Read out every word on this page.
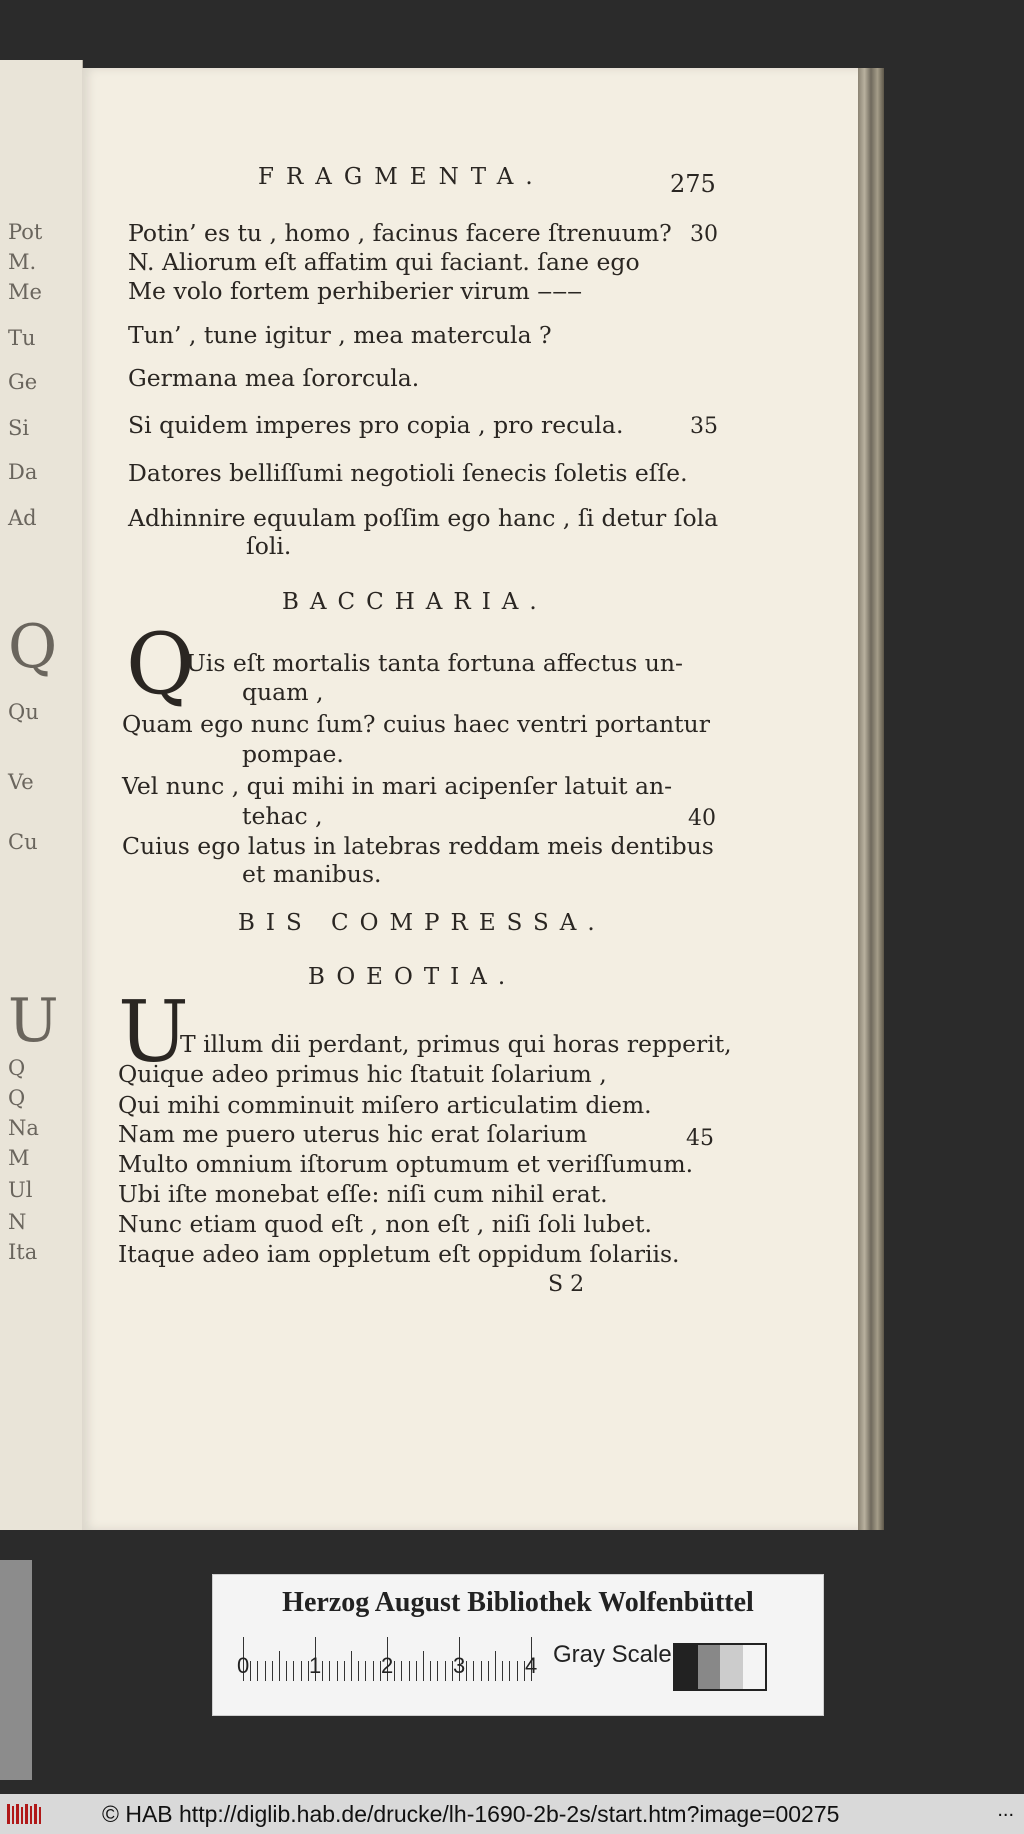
FRAGMENTA.	275
Potin’ es tu , homo , facinus facere ſtrenuum? 30
N. Aliorum eſt affatim qui faciant. ſane ego
Me volo fortem perhiberier virum ‒‒‒
Tun’ , tune igitur , mea matercula ?
Germana mea ſororcula.
Si quidem imperes pro copia , pro recula.	35
Datores belliſſumi negotioli ſenecis ſoletis eſſe.
Adhinnire equulam poſſim ego hanc , ſi detur ſola
ſoli.
BACCHARIA.
Q
Uis eſt mortalis tanta fortuna affectus un-
quam ,
Quam ego nunc ſum? cuius haec ventri portantur
pompae.
Vel nunc , qui mihi in mari acipenſer latuit an-
tehac ,	40
Cuius ego latus in latebras reddam meis dentibus
et manibus.
BIS COMPRESSA.
BOEOTIA.
U
T illum dii perdant, primus qui horas repperit,
Quique adeo primus hic ſtatuit ſolarium ,
Qui mihi comminuit miſero articulatim diem.
Nam me puero uterus hic erat ſolarium	45
Multo omnium iſtorum optumum et veriſſumum.
Ubi iſte monebat eſſe: niſi cum nihil erat.
Nunc etiam quod eſt , non eſt , niſi ſoli lubet.
Itaque adeo iam oppletum eſt oppidum ſolariis.
S 2
Pot
M.
Me
Tu
Ge
Si
Da
Ad
Q
Qu
Ve
Cu
U
Q
Q
Na
M
Ul
N
Ita
Herzog August Bibliothek Wolfenbüttel
0	1	2	3	4 Gray Scale
© HAB http://diglib.hab.de/drucke/lh-1690-2b-2s/start.htm?image=00275	...
